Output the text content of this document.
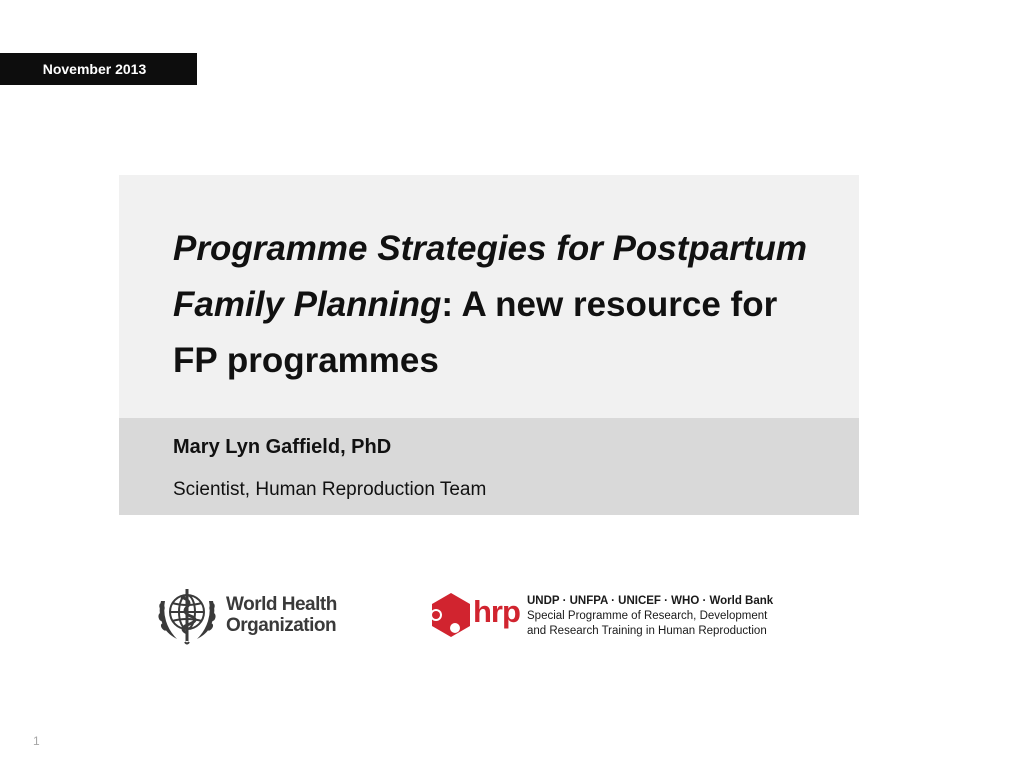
November 2013
Programme Strategies for Postpartum Family Planning: A new resource for FP programmes
Mary Lyn Gaffield, PhD
Scientist, Human Reproduction Team
World Health
Organization	hrp UNDP · UNFPA · UNICEF · WHO · World Bank
Special Programme of Research, Development
and Research Training in Human Reproduction
1
